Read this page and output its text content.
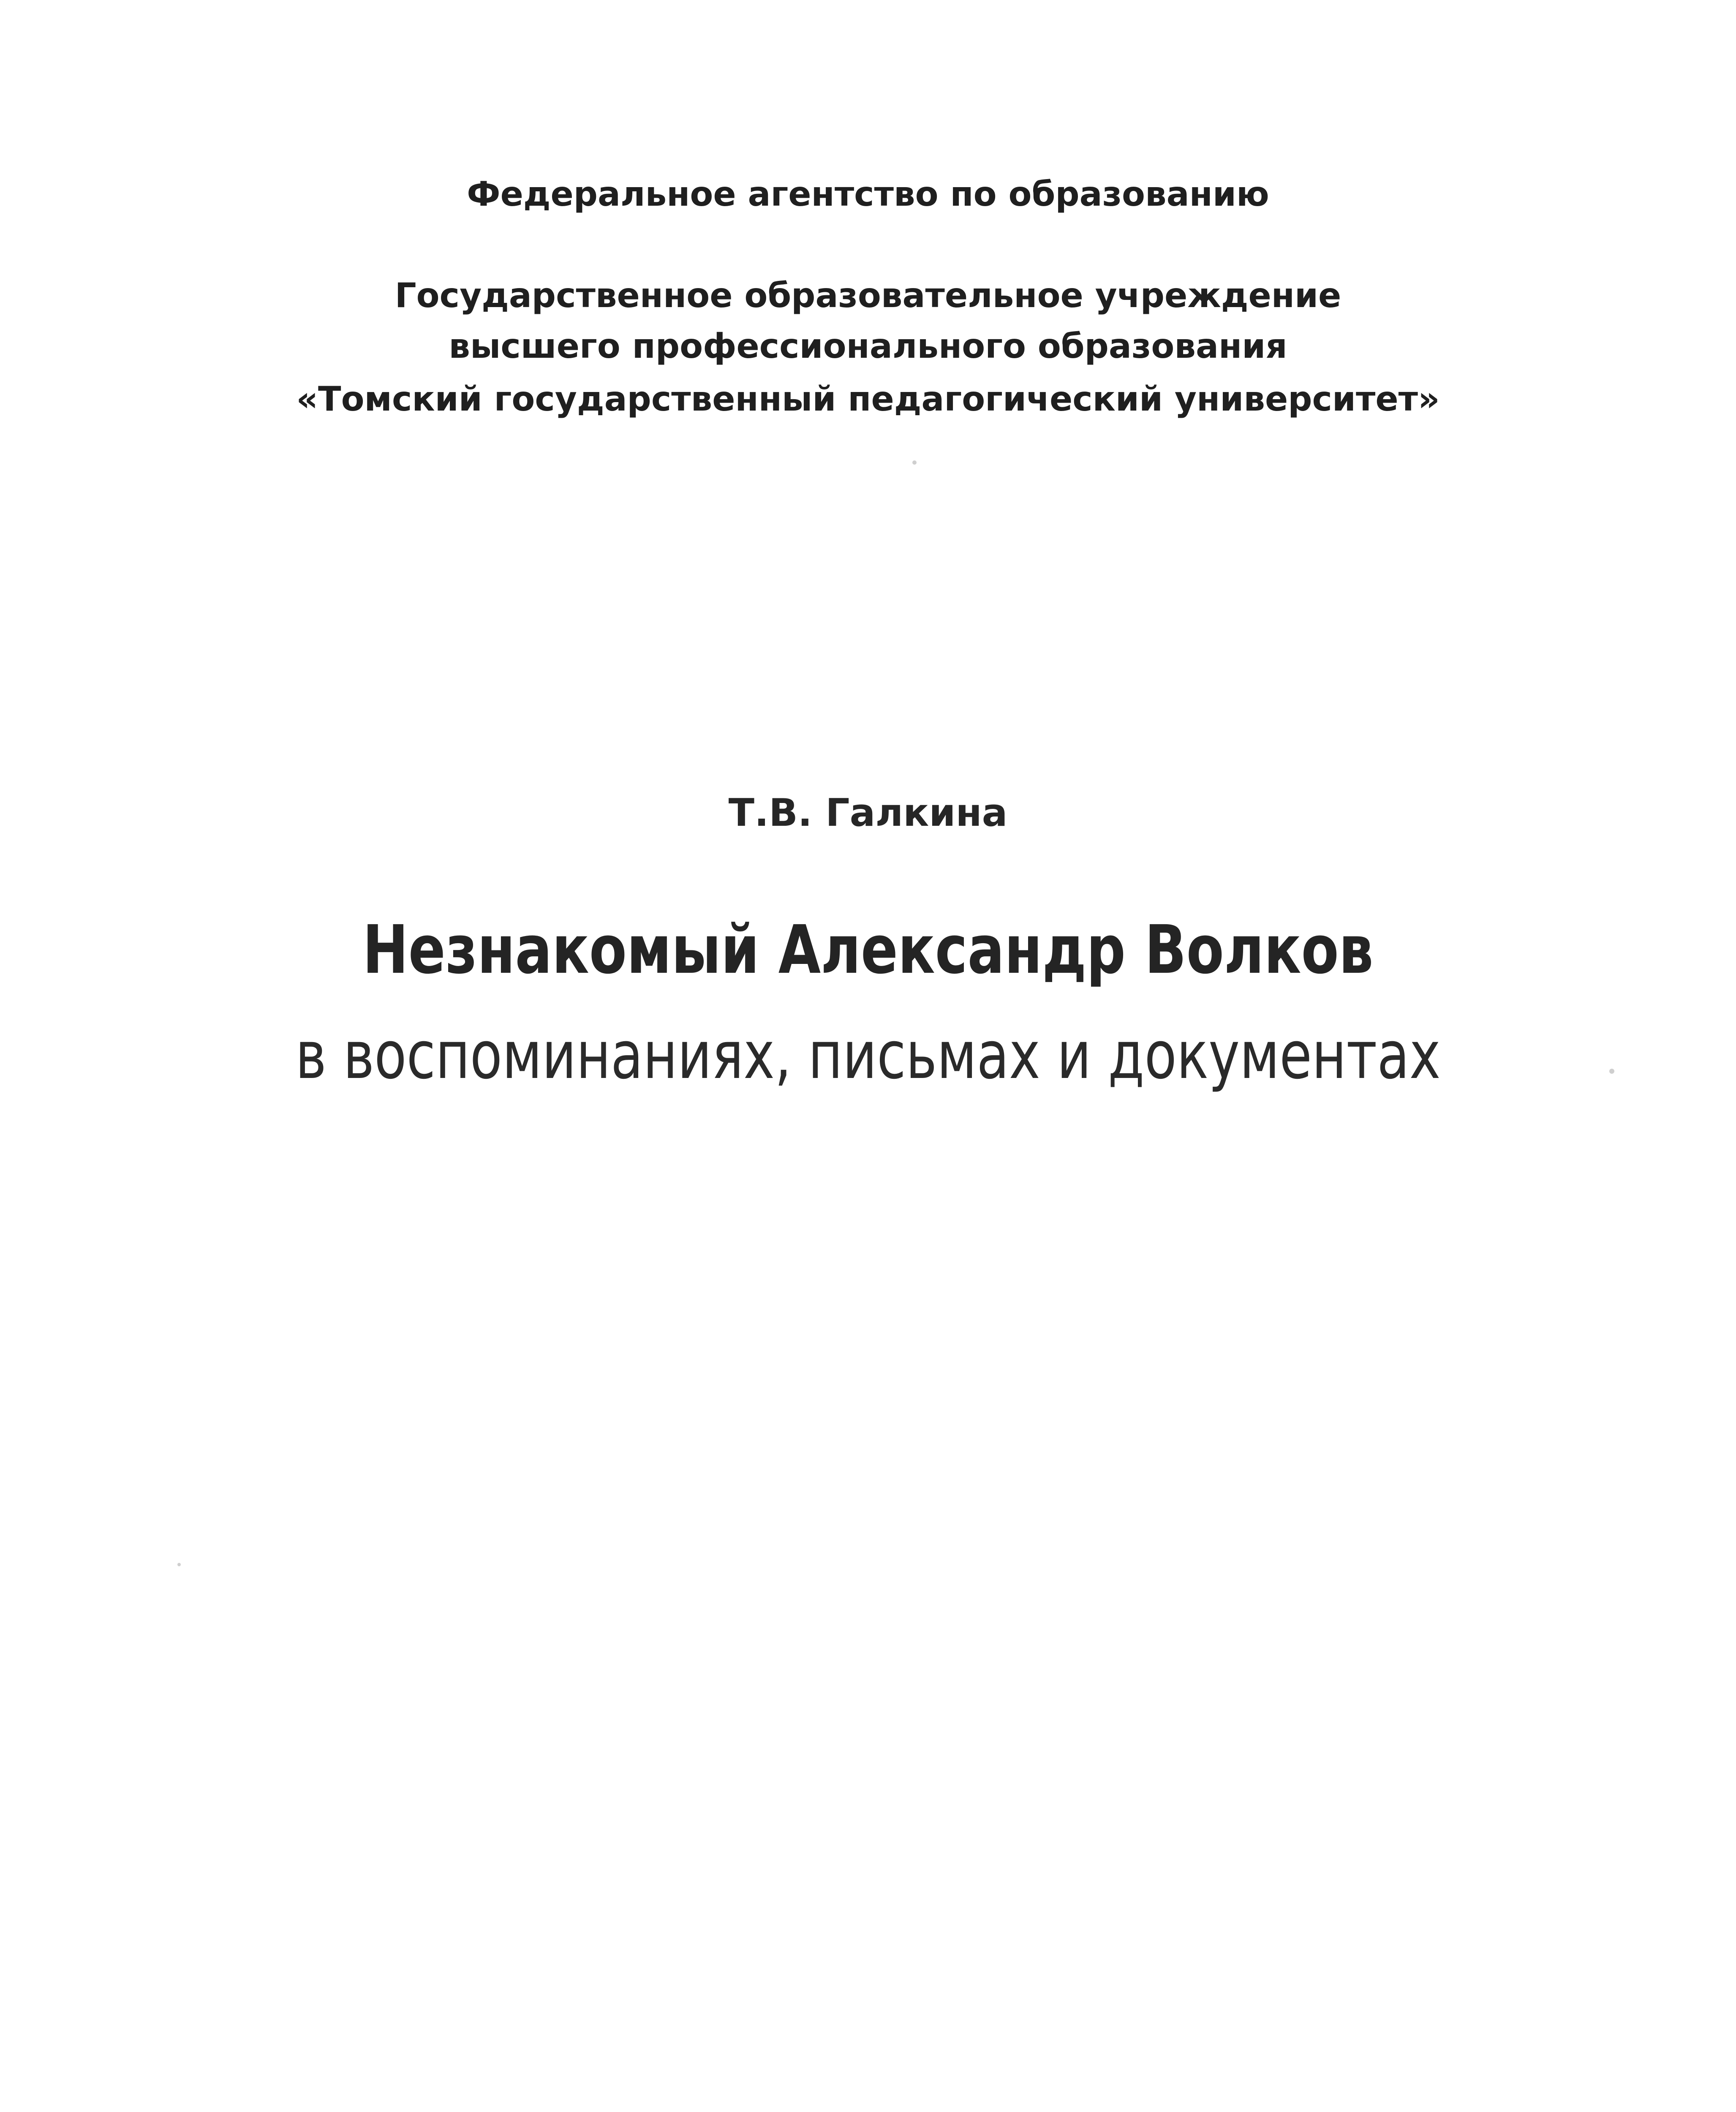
Федеральное агентство по образованию
Государственное образовательное учреждение
высшего профессионального образования
«Томский государственный педагогический университет»
Т.В. Галкина
Незнакомый Александр Волков
в воспоминаниях, письмах и документах
